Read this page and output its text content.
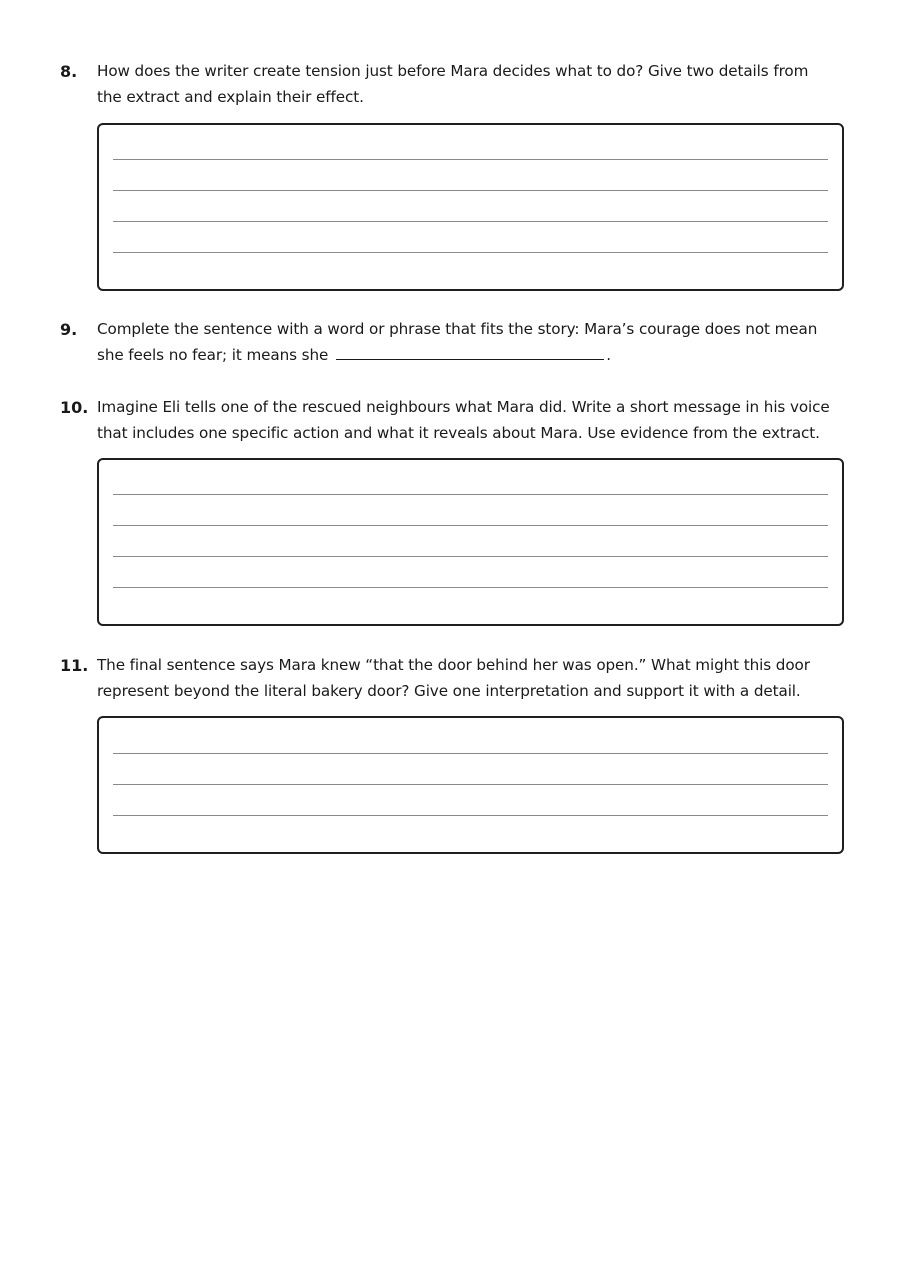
8. How does the writer create tension just before Mara decides what to do? Give two details from
the extract and explain their effect.
9. Complete the sentence with a word or phrase that fits the story: Mara’s courage does not mean
she feels no fear; it means she	.
10. Imagine Eli tells one of the rescued neighbours what Mara did. Write a short message in his voice
that includes one specific action and what it reveals about Mara. Use evidence from the extract.
11. The final sentence says Mara knew “that the door behind her was open.” What might this door
represent beyond the literal bakery door? Give one interpretation and support it with a detail.
